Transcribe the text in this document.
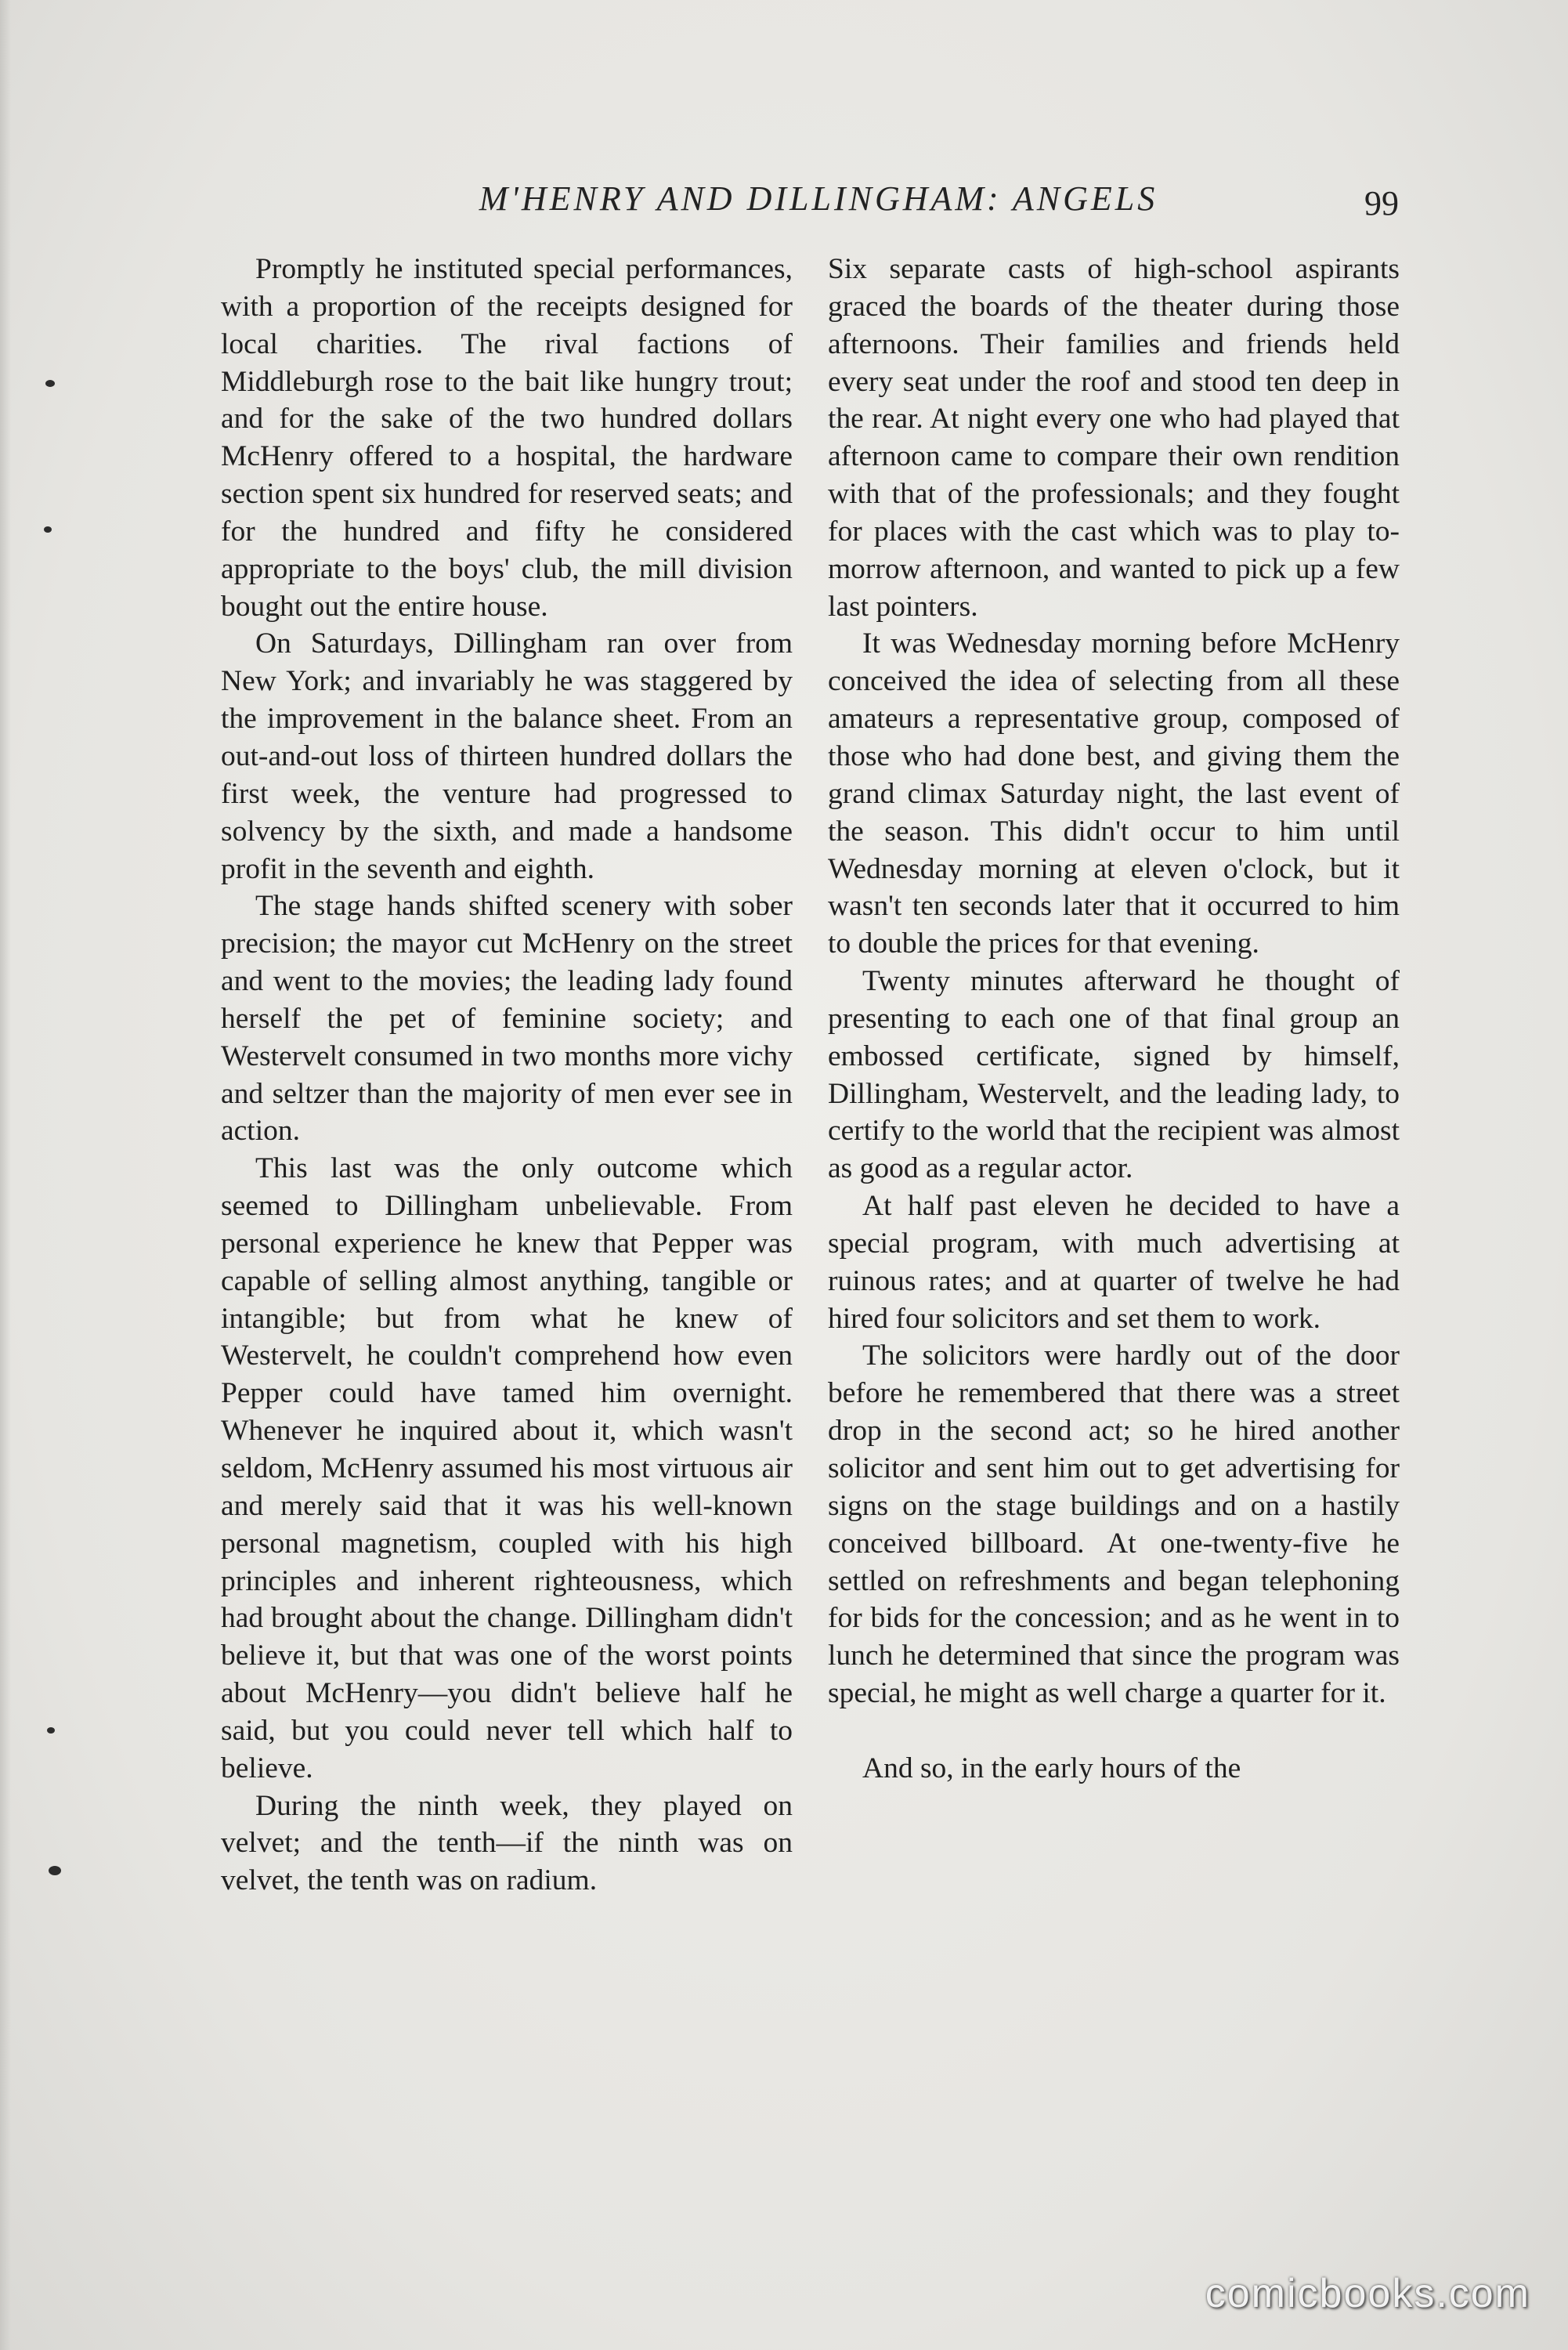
M'HENRY AND DILLINGHAM: ANGELS	99

Promptly he instituted special performances, with a proportion of the receipts designed for local charities. The rival factions of Middleburgh rose to the bait like hungry trout; and for the sake of the two hundred dollars McHenry offered to a hospital, the hardware section spent six hundred for reserved seats; and for the hundred and fifty he considered appropriate to the boys' club, the mill division bought out the entire house.

On Saturdays, Dillingham ran over from New York; and invariably he was staggered by the improvement in the balance sheet. From an out-and-out loss of thirteen hundred dollars the first week, the venture had progressed to solvency by the sixth, and made a handsome profit in the seventh and eighth.

The stage hands shifted scenery with sober precision; the mayor cut McHenry on the street and went to the movies; the leading lady found herself the pet of feminine society; and Westervelt consumed in two months more vichy and seltzer than the majority of men ever see in action.

This last was the only outcome which seemed to Dillingham unbelievable. From personal experience he knew that Pepper was capable of selling almost anything, tangible or intangible; but from what he knew of Westervelt, he couldn't comprehend how even Pepper could have tamed him overnight. Whenever he inquired about it, which wasn't seldom, McHenry assumed his most virtuous air and merely said that it was his well-known personal magnetism, coupled with his high principles and inherent righteousness, which had brought about the change. Dillingham didn't believe it, but that was one of the worst points about McHenry—you didn't believe half he said, but you could never tell which half to believe.

During the ninth week, they played on velvet; and the tenth—if the ninth was on velvet, the tenth was on radium.

Six separate casts of high-school aspirants graced the boards of the theater during those afternoons. Their families and friends held every seat under the roof and stood ten deep in the rear. At night every one who had played that afternoon came to compare their own rendition with that of the professionals; and they fought for places with the cast which was to play to-morrow afternoon, and wanted to pick up a few last pointers.

It was Wednesday morning before McHenry conceived the idea of selecting from all these amateurs a representative group, composed of those who had done best, and giving them the grand climax Saturday night, the last event of the season. This didn't occur to him until Wednesday morning at eleven o'clock, but it wasn't ten seconds later that it occurred to him to double the prices for that evening.

Twenty minutes afterward he thought of presenting to each one of that final group an embossed certificate, signed by himself, Dillingham, Westervelt, and the leading lady, to certify to the world that the recipient was almost as good as a regular actor.

At half past eleven he decided to have a special program, with much advertising at ruinous rates; and at quarter of twelve he had hired four solicitors and set them to work.

The solicitors were hardly out of the door before he remembered that there was a street drop in the second act; so he hired another solicitor and sent him out to get advertising for signs on the stage buildings and on a hastily conceived billboard. At one-twenty-five he settled on refreshments and began telephoning for bids for the concession; and as he went in to lunch he determined that since the program was special, he might as well charge a quarter for it.

And so, in the early hours of the

comicbooks.com
